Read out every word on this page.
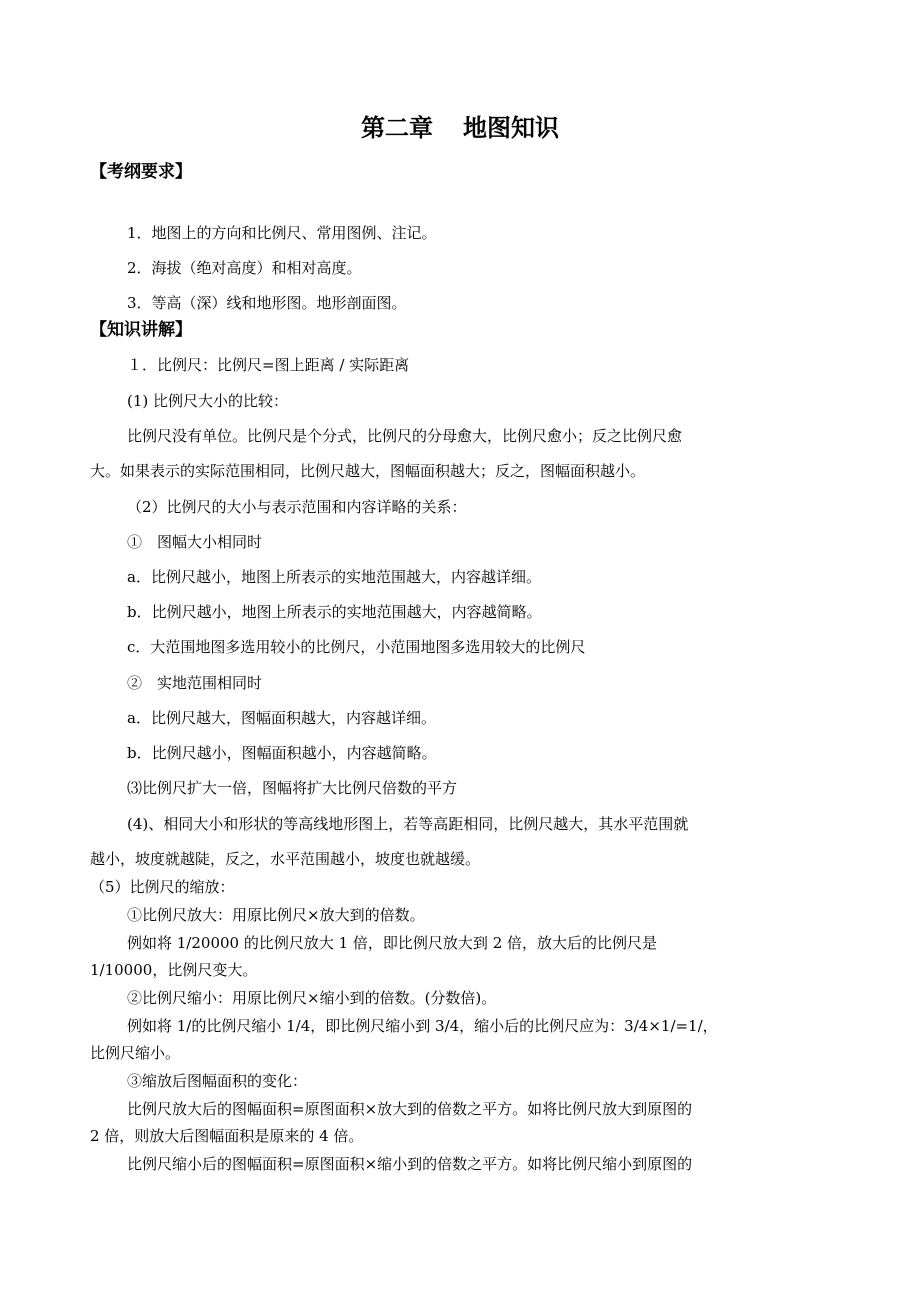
第二章 地图知识
【考纲要求】
1．地图上的方向和比例尺、常用图例、注记。
2．海拔（绝对高度）和相对高度。
3．等高（深）线和地形图。地形剖面图。
【知识讲解】
１．比例尺：比例尺=图上距离 / 实际距离
(1) 比例尺大小的比较：
比例尺没有单位。比例尺是个分式，比例尺的分母愈大，比例尺愈小；反之比例尺愈
大。如果表示的实际范围相同，比例尺越大，图幅面积越大；反之，图幅面积越小。
（2）比例尺的大小与表示范围和内容详略的关系：
①　图幅大小相同时
a．比例尺越小，地图上所表示的实地范围越大，内容越详细。
b．比例尺越小，地图上所表示的实地范围越大，内容越简略。
c．大范围地图多选用较小的比例尺，小范围地图多选用较大的比例尺
②　实地范围相同时
a．比例尺越大，图幅面积越大，内容越详细。
b．比例尺越小，图幅面积越小，内容越简略。
⑶比例尺扩大一倍，图幅将扩大比例尺倍数的平方
(4)、相同大小和形状的等高线地形图上，若等高距相同，比例尺越大，其水平范围就
越小，坡度就越陡，反之，水平范围越小，坡度也就越缓。
（5）比例尺的缩放：
①比例尺放大：用原比例尺×放大到的倍数。
例如将 1/20000 的比例尺放大 1 倍，即比例尺放大到 2 倍，放大后的比例尺是
1/10000，比例尺变大。
②比例尺缩小：用原比例尺×缩小到的倍数。(分数倍)。
例如将 1/的比例尺缩小 1/4，即比例尺缩小到 3/4，缩小后的比例尺应为：3/4×1/=1/，
比例尺缩小。
③缩放后图幅面积的变化：
比例尺放大后的图幅面积=原图面积×放大到的倍数之平方。如将比例尺放大到原图的
2 倍，则放大后图幅面积是原来的 4 倍。
比例尺缩小后的图幅面积=原图面积×缩小到的倍数之平方。如将比例尺缩小到原图的
